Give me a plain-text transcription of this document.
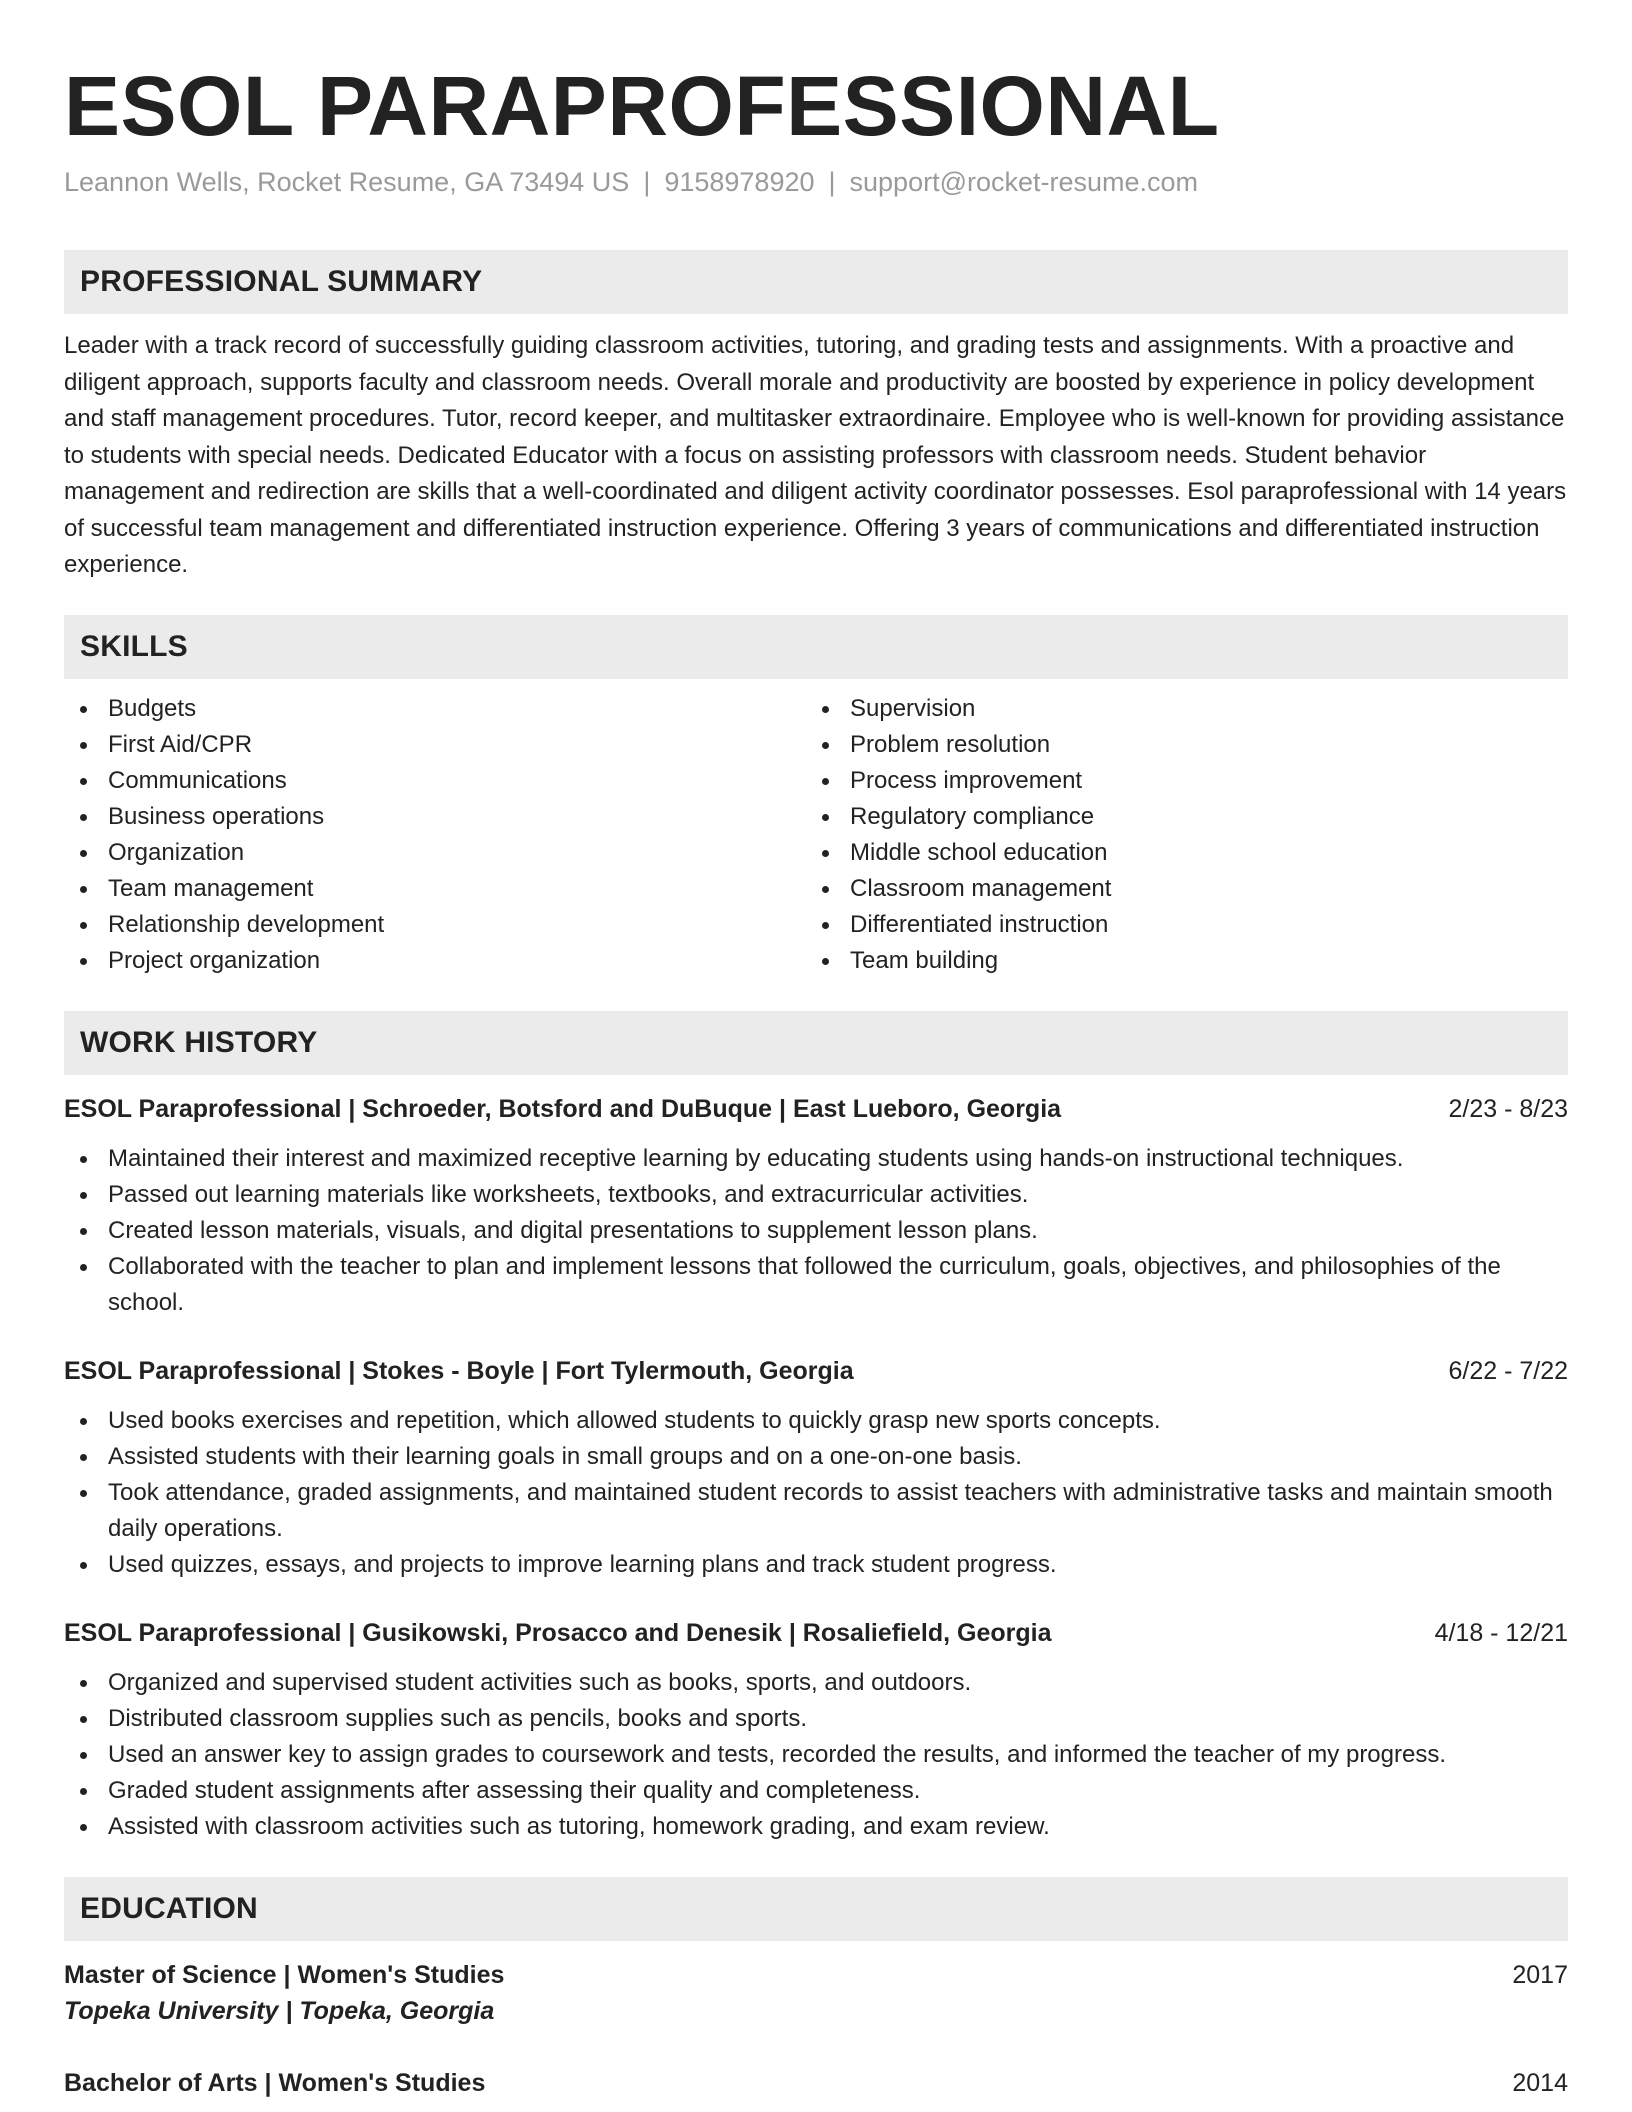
ESOL PARAPROFESSIONAL
Leannon Wells, Rocket Resume, GA 73494 US | 9158978920 | support@rocket-resume.com
PROFESSIONAL SUMMARY

Leader with a track record of successfully guiding classroom activities, tutoring, and grading tests and assignments. With a proactive and diligent approach, supports faculty and classroom needs. Overall morale and productivity are boosted by experience in policy development and staff management procedures. Tutor, record keeper, and multitasker extraordinaire. Employee who is well-known for providing assistance to students with special needs. Dedicated Educator with a focus on assisting professors with classroom needs. Student behavior management and redirection are skills that a well-coordinated and diligent activity coordinator possesses. Esol paraprofessional with 14 years of successful team management and differentiated instruction experience. Offering 3 years of communications and differentiated instruction experience.

SKILLS
Budgets
First Aid/CPR
Communications
Business operations
Organization
Team management
Relationship development
Project organization
Supervision
Problem resolution
Process improvement
Regulatory compliance
Middle school education
Classroom management
Differentiated instruction
Team building
WORK HISTORY
ESOL Paraprofessional | Schroeder, Botsford and DuBuque | East Lueboro, Georgia	2/23 - 8/23
Maintained their interest and maximized receptive learning by educating students using hands-on instructional techniques.
Passed out learning materials like worksheets, textbooks, and extracurricular activities.
Created lesson materials, visuals, and digital presentations to supplement lesson plans.
Collaborated with the teacher to plan and implement lessons that followed the curriculum, goals, objectives, and philosophies of the school.
ESOL Paraprofessional | Stokes - Boyle | Fort Tylermouth, Georgia	6/22 - 7/22
Used books exercises and repetition, which allowed students to quickly grasp new sports concepts.
Assisted students with their learning goals in small groups and on a one-on-one basis.
Took attendance, graded assignments, and maintained student records to assist teachers with administrative tasks and maintain smooth daily operations.
Used quizzes, essays, and projects to improve learning plans and track student progress.
ESOL Paraprofessional | Gusikowski, Prosacco and Denesik | Rosaliefield, Georgia	4/18 - 12/21
Organized and supervised student activities such as books, sports, and outdoors.
Distributed classroom supplies such as pencils, books and sports.
Used an answer key to assign grades to coursework and tests, recorded the results, and informed the teacher of my progress.
Graded student assignments after assessing their quality and completeness.
Assisted with classroom activities such as tutoring, homework grading, and exam review.
EDUCATION
Master of Science | Women's Studies	2017
Topeka University | Topeka, Georgia
Bachelor of Arts | Women's Studies	2014
